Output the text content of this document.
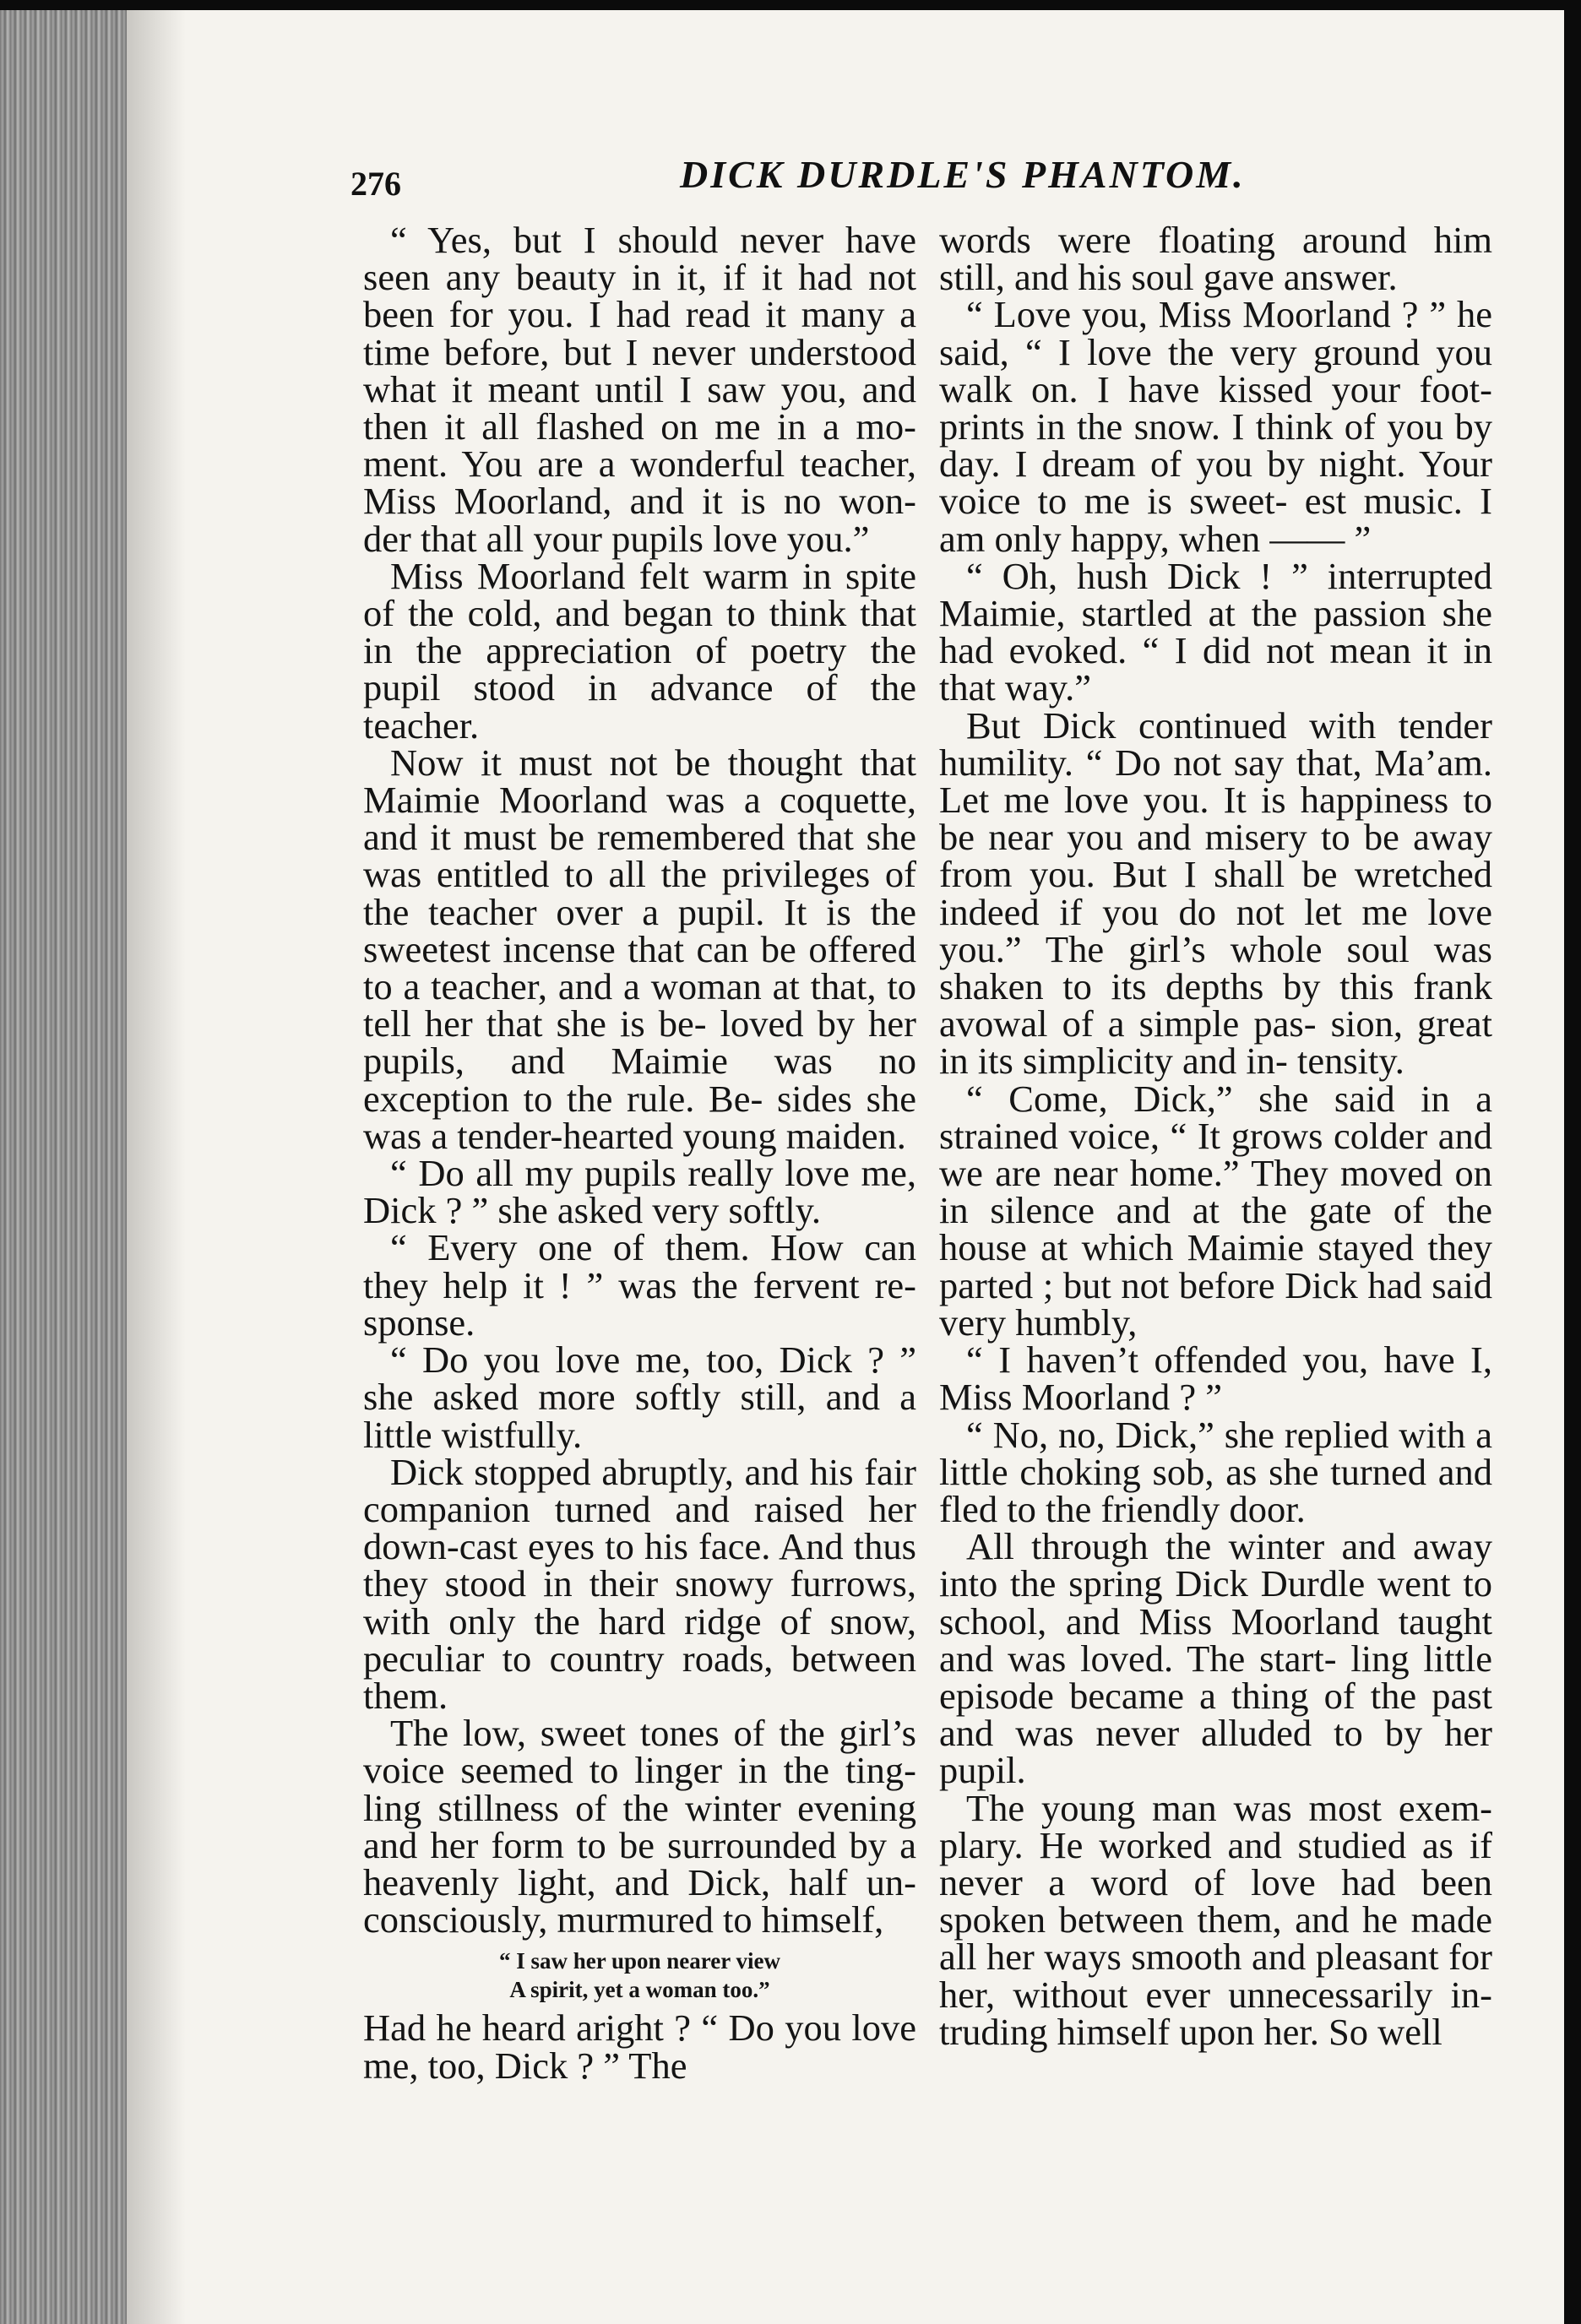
276	DICK DURDLE'S PHANTOM.

“ Yes, but I should never have seen any beauty in it, if it had not been for you. I had read it many a time before, but I never understood what it meant until I saw you, and then it all flashed on me in a mo- ment. You are a wonderful teacher, Miss Moorland, and it is no won- der that all your pupils love you.”

Miss Moorland felt warm in spite of the cold, and began to think that in the appreciation of poetry the pupil stood in advance of the teacher.

Now it must not be thought that Maimie Moorland was a coquette, and it must be remembered that she was entitled to all the privileges of the teacher over a pupil. It is the sweetest incense that can be offered to a teacher, and a woman at that, to tell her that she is be- loved by her pupils, and Maimie was no exception to the rule. Be- sides she was a tender-hearted young maiden.

“ Do all my pupils really love me, Dick ? ” she asked very softly.

“ Every one of them. How can they help it ! ” was the fervent re- sponse.

“ Do you love me, too, Dick ? ” she asked more softly still, and a little wistfully.

Dick stopped abruptly, and his fair companion turned and raised her down-cast eyes to his face. And thus they stood in their snowy furrows, with only the hard ridge of snow, peculiar to country roads, between them.

The low, sweet tones of the girl’s voice seemed to linger in the ting- ling stillness of the winter evening and her form to be surrounded by a heavenly light, and Dick, half un- consciously, murmured to himself,

“ I saw her upon nearer view
A spirit, yet a woman too.”

Had he heard aright ? “ Do you love me, too, Dick ? ” The

words were floating around him still, and his soul gave answer.

“ Love you, Miss Moorland ? ” he said, “ I love the very ground you walk on. I have kissed your foot-prints in the snow. I think of you by day. I dream of you by night. Your voice to me is sweet- est music. I am only happy, when —— ”

“ Oh, hush Dick ! ” interrupted Maimie, startled at the passion she had evoked. “ I did not mean it in that way.”

But Dick continued with tender humility. “ Do not say that, Ma’am. Let me love you. It is happiness to be near you and misery to be away from you. But I shall be wretched indeed if you do not let me love you.” The girl’s whole soul was shaken to its depths by this frank avowal of a simple pas- sion, great in its simplicity and in- tensity.

“ Come, Dick,” she said in a strained voice, “ It grows colder and we are near home.” They moved on in silence and at the gate of the house at which Maimie stayed they parted ; but not before Dick had said very humbly,

“ I haven’t offended you, have I, Miss Moorland ? ”

“ No, no, Dick,” she replied with a little choking sob, as she turned and fled to the friendly door.

All through the winter and away into the spring Dick Durdle went to school, and Miss Moorland taught and was loved. The start- ling little episode became a thing of the past and was never alluded to by her pupil.

The young man was most exem- plary. He worked and studied as if never a word of love had been spoken between them, and he made all her ways smooth and pleasant for her, without ever unnecessarily in- truding himself upon her. So well
